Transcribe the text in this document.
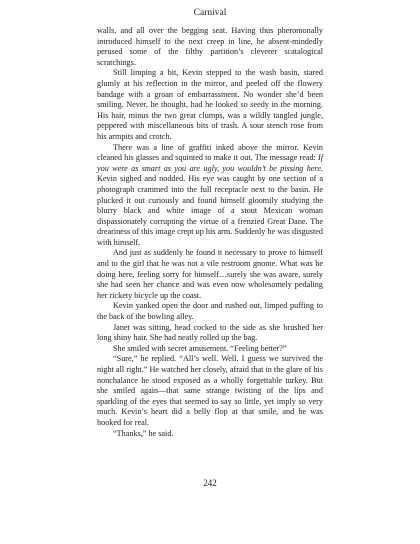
Carnival

walls, and all over the begging seat. Having thus pheromonally introduced himself to the next creep in line, he absent-mindedly perused some of the filthy partition’s cleverer scatalogical scratchings.

Still limping a bit, Kevin stepped to the wash basin, stared glumly at his reflection in the mirror, and peeled off the flowery bandage with a groan of embarrassment. No wonder she’d been smiling. Never, he thought, had he looked so seedy in the morning. His hair, minus the two great clumps, was a wildly tangled jungle, peppered with miscellaneous bits of trash. A sour stench rose from his armpits and crotch.

There was a line of graffiti inked above the mirror. Kevin cleaned his glasses and squinted to make it out. The message read: If you were as smart as you are ugly, you wouldn’t be pissing here. Kevin sighed and nodded. His eye was caught by one section of a photograph crammed into the full receptacle next to the basin. He plucked it out curiously and found himself gloomily studying the blurry black and white image of a stout Mexican woman dispassionately corrupting the virtue of a frenzied Great Dane. The dreariness of this image crept up his arm. Suddenly he was disgusted with himself.

And just as suddenly he found it necessary to prove to himself and to the girl that he was not a vile restroom gnome. What was he doing here, feeling sorry for himself…surely she was aware, surely she had seen her chance and was even now wholesomely pedaling her rickety bicycle up the coast.

Kevin yanked open the door and rushed out, limped puffing to the back of the bowling alley.

Janet was sitting, head cocked to the side as she brushed her long shiny hair. She had neatly rolled up the bag.

She smiled with secret amusement. “Feeling better?”

“Sure,” he replied. “All’s well. Well. I guess we survived the night all right.” He watched her closely, afraid that in the glare of his nonchalance he stood exposed as a wholly forgettable turkey. But she smiled again—that same strange twisting of the lips and sparkling of the eyes that seemed to say so little, yet imply so very much. Kevin’s heart did a belly flop at that smile, and he was hooked for real.

“Thanks,” he said.

242
